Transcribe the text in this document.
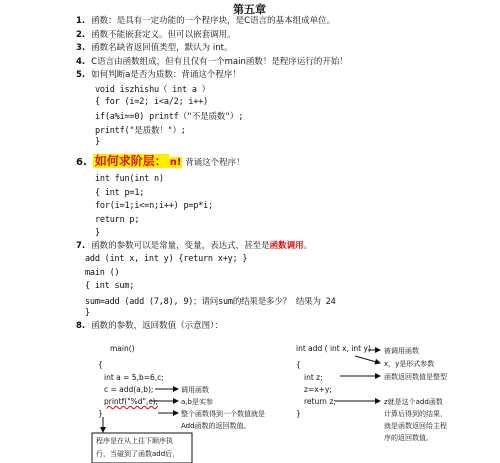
第五章
1. 函数：是具有一定功能的一个程序块，是C语言的基本组成单位。
2. 函数不能嵌套定义。但可以嵌套调用。
3. 函数名缺省返回值类型，默认为 int。
4. C语言由函数组成，但有且仅有一个main函数！是程序运行的开始！
5. 如何判断a是否为质数：背诵这个程序！
void iszhishu（ int a ）
{ for (i=2; i<a/2; i++)
if(a%i==0) printf（"不是质数"）;
printf("是质数！"）;
}
6. 如何求阶层： n! 背诵这个程序！
int fun(int n)
{ int p=1;
for(i=1;i<=n;i++) p=p*i;
return p;
}
7. 函数的参数可以是常量，变量，表达式，甚至是函数调用。
add (int x, int y) {return x+y; }
main ()
{ int sum;
sum=add (add (7,8), 9)；请问sum的结果是多少？ 结果为 24
}
8. 函数的参数，返回数值（示意图）：
main()
{
int a = 5,b=6,c;
c = add(a,b);
printf("%d",c);
}
调用函数
a,b是实参
整个函数得到一个数值就是
Add函数的返回数值。
程序是在从上往下顺序执
行，当碰到了函数add后，
int add ( int x, int y)
{
int z;
z=x+y;
return z;
}
被调用函数
x，y是形式参数
函数返回数值是整型
z就是这个add函数
计算后得到的结果，
就是函数返回给主程
序的返回数值。
